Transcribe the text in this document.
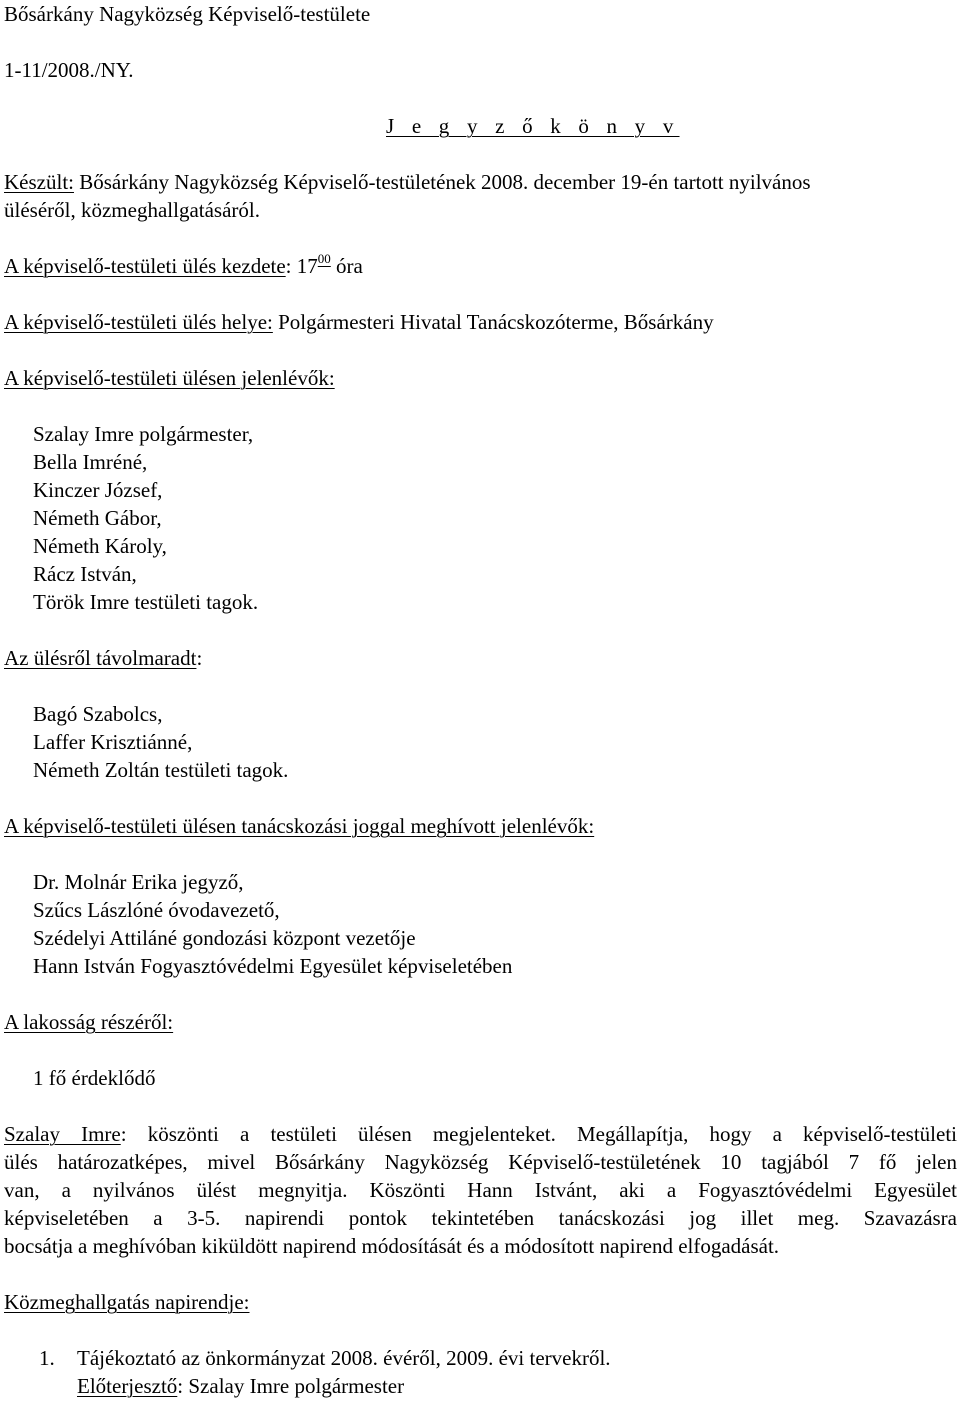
Bősárkány Nagyközség Képviselő-testülete
1-11/2008./NY.
J e g y z ő k ö n y v
Készült: Bősárkány Nagyközség Képviselő-testületének 2008. december 19-én tartott nyilvános
üléséről, közmeghallgatásáról.
A képviselő-testületi ülés kezdete: $17^{00}$ óra
A képviselő-testületi ülés helye: Polgármesteri Hivatal Tanácskozóterme, Bősárkány
A képviselő-testületi ülésen jelenlévők:
Szalay Imre polgármester,
Bella Imréné,
Kinczer József,
Németh Gábor,
Németh Károly,
Rácz István,
Török Imre testületi tagok.
Az ülésről távolmaradt:
Bagó Szabolcs,
Laffer Krisztiánné,
Németh Zoltán testületi tagok.
A képviselő-testületi ülésen tanácskozási joggal meghívott jelenlévők:
Dr. Molnár Erika jegyző,
Szűcs Lászlóné óvodavezető,
Szédelyi Attiláné gondozási központ vezetője
Hann István Fogyasztóvédelmi Egyesület képviseletében
A lakosság részéről:
1 fő érdeklődő
Szalay Imre: köszönti a testületi ülésen megjelenteket. Megállapítja, hogy a képviselő-testületi
ülés határozatképes, mivel Bősárkány Nagyközség Képviselő-testületének 10 tagjából 7 fő jelen
van, a nyilvános ülést megnyitja. Köszönti Hann Istvánt, aki a Fogyasztóvédelmi Egyesület
képviseletében a 3-5. napirendi pontok tekintetében tanácskozási jog illet meg. Szavazásra
bocsátja a meghívóban kiküldött napirend módosítását és a módosított napirend elfogadását.
Közmeghallgatás napirendje:
1. Tájékoztató az önkormányzat 2008. évéről, 2009. évi tervekről.
Előterjesztő: Szalay Imre polgármester
